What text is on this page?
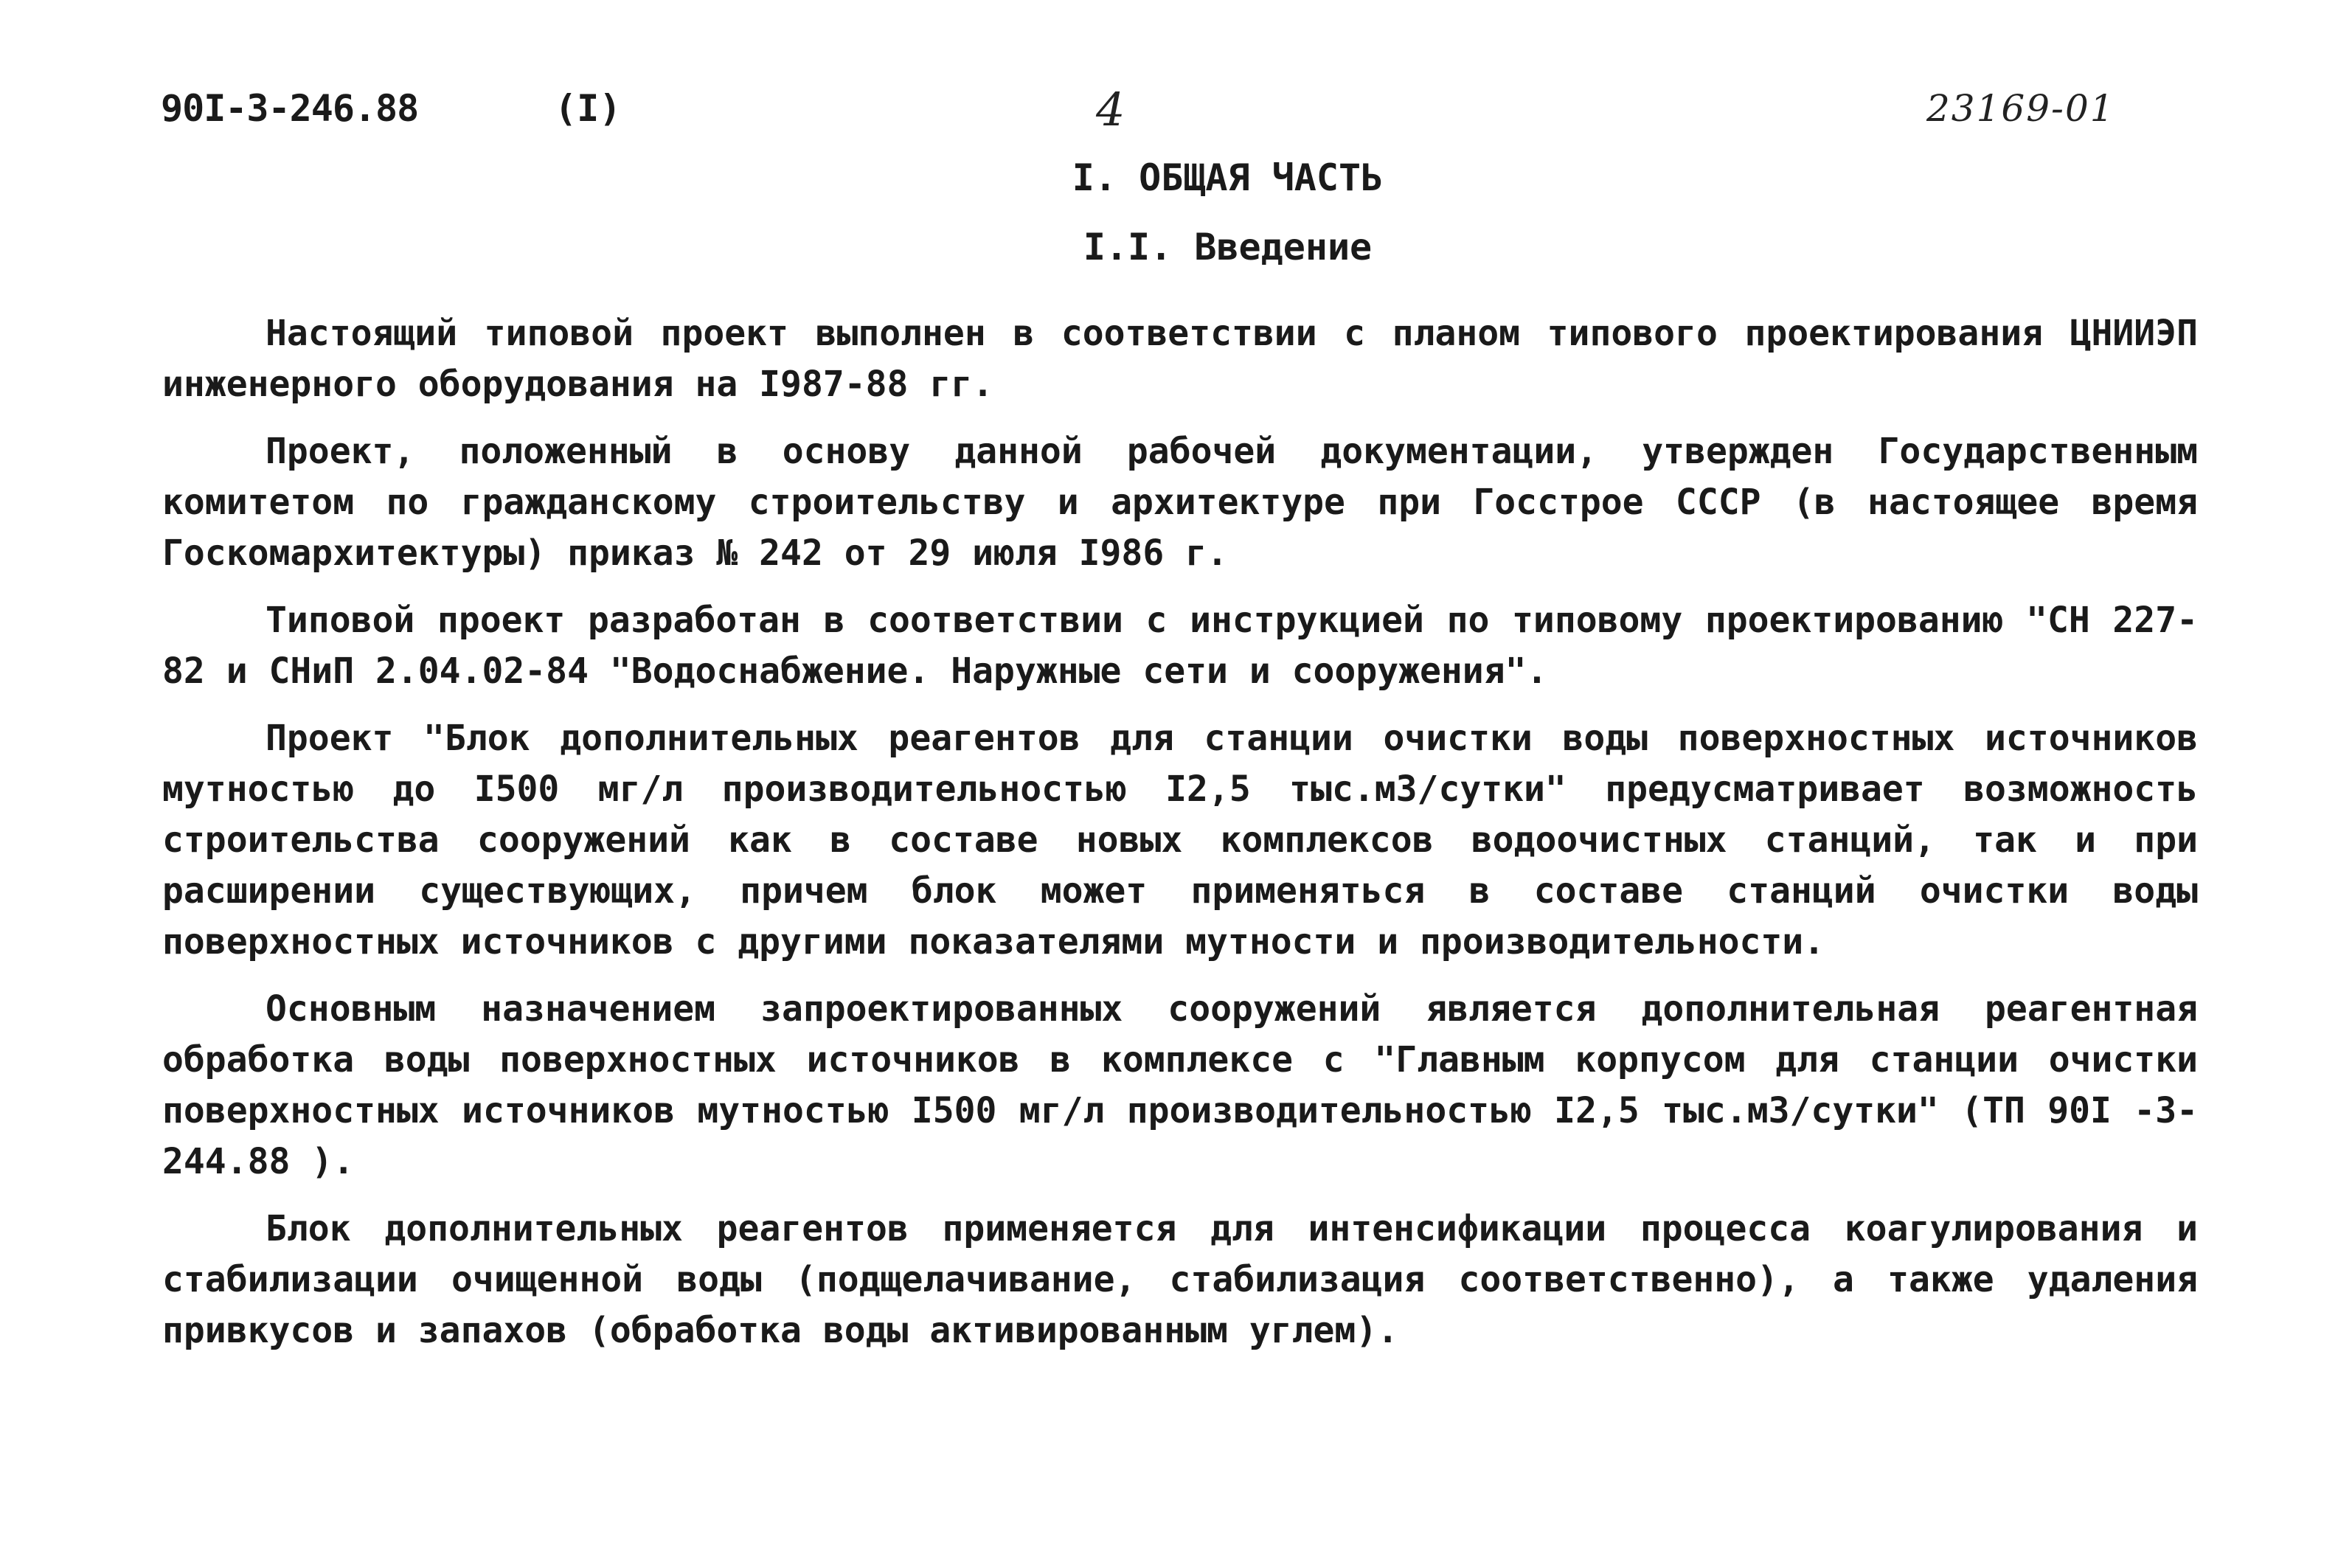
90I-3-246.88	(I)	4	23169-01
I. ОБЩАЯ ЧАСТЬ
I.I. Введение

Настоящий типовой проект выполнен в соответствии с планом типового проектирования ЦНИИЭП инженерного оборудования на I987-88 гг.

Проект, положенный в основу данной рабочей документации, утвержден Государственным комитетом по гражданскому строительству и архитектуре при Госстрое СССР (в настоящее время Госкомархитектуры) приказ № 242 от 29 июля I986 г.

Типовой проект разработан в соответствии с инструкцией по типовому проектированию "СН 227-82 и СНиП 2.04.02-84 "Водоснабжение. Наружные сети и сооружения".

Проект "Блок дополнительных реагентов для станции очистки воды поверхностных источников мутностью до I500 мг/л производительностью I2,5 тыс.м3/сутки" предусматривает возможность строительства сооружений как в составе новых комплексов водоочистных станций, так и при расширении существующих, причем блок может применяться в составе станций очистки воды поверхностных источников с другими показателями мутности и производительности.

Основным назначением запроектированных сооружений является дополнительная реагентная обработка воды поверхностных источников в комплексе с "Главным корпусом для станции очистки поверхностных источников мутностью I500 мг/л производительностью I2,5 тыс.м3/сутки" (ТП 90I -3- 244.88 ).

Блок дополнительных реагентов применяется для интенсификации процесса коагулирования и стабилизации очищенной воды (подщелачивание, стабилизация соответственно), а также удаления привкусов и запахов (обработка воды активированным углем).
